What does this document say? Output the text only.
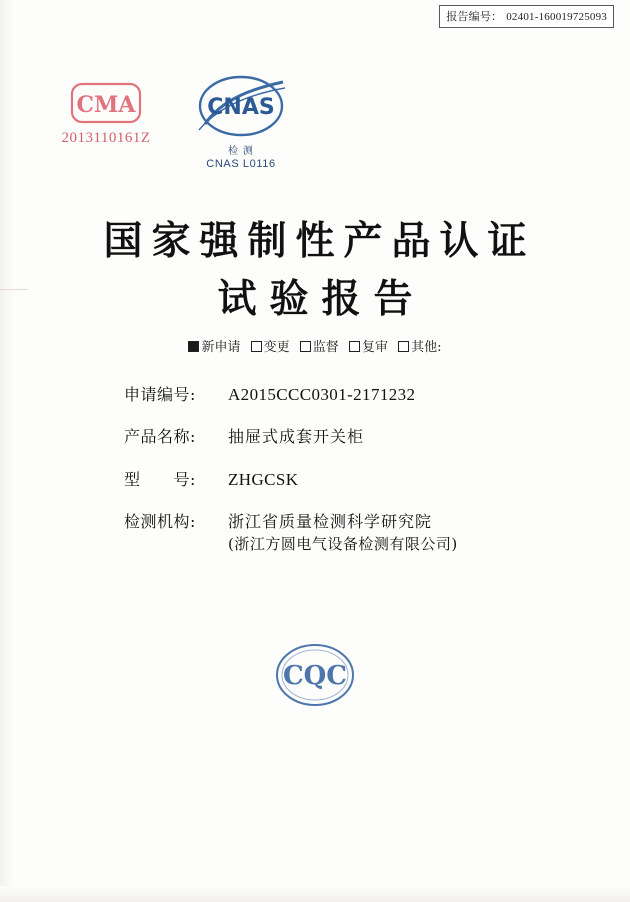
报告编号： 02401-160019725093
CMA
2013110161Z
CNAS
检 测
CNAS L0116
国家强制性产品认证
试验报告
新申请 变更 监督 复审 其他:
申请编号:	A2015CCC0301-2171232
产品名称:	抽屉式成套开关柜
型　　号:	ZHGCSK
检测机构:	浙江省质量检测科学研究院
(浙江方圆电气设备检测有限公司)
CQC
